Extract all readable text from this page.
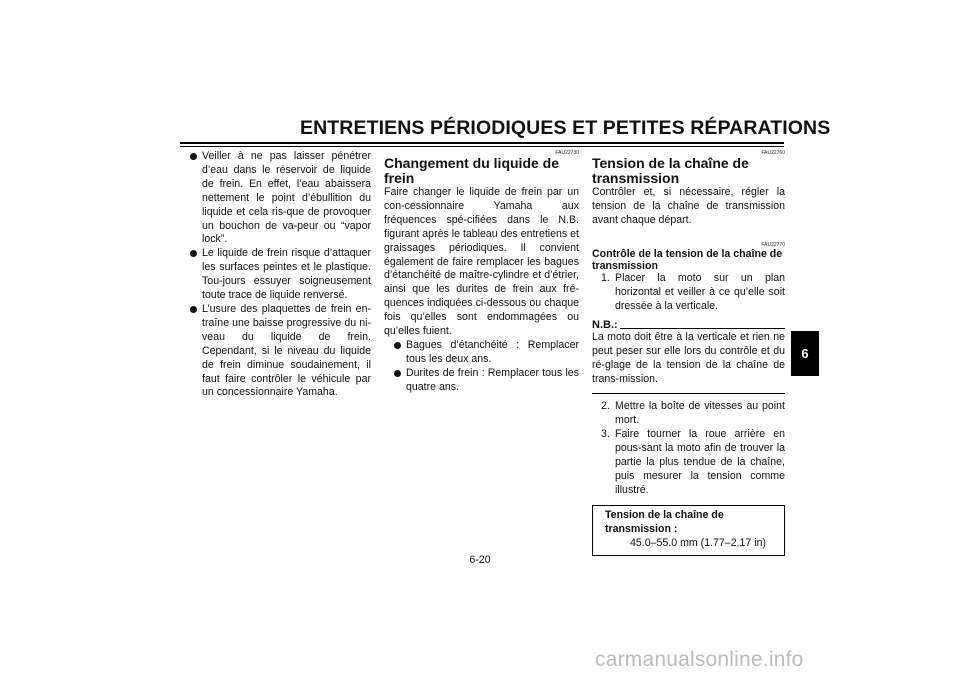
ENTRETIENS PÉRIODIQUES ET PETITES RÉPARATIONS
6
Veiller à ne pas laisser pénétrer d’eau dans le réservoir de liquide de frein. En effet, l’eau abaissera nettement le point d’ébullition du liquide et cela ris-que de provoquer un bouchon de va-peur ou “vapor lock”.
Le liquide de frein risque d’attaquer les surfaces peintes et le plastique. Tou-jours essuyer soigneusement toute trace de liquide renversé.
L’usure des plaquettes de frein en-traîne une baisse progressive du ni-veau du liquide de frein. Cependant, si le niveau du liquide de frein diminue soudainement, il faut faire contrôler le véhicule par un concessionnaire Yamaha.
FAU22730
Changement du liquide de frein

Faire changer le liquide de frein par un con-cessionnaire Yamaha aux fréquences spé-cifiées dans le N.B. figurant après le tableau des entretiens et graissages périodiques. Il convient également de faire remplacer les bagues d’étanchéité de maître-cylindre et d’étrier, ainsi que les durites de frein aux fré-quences indiquées ci-dessous ou chaque fois qu’elles sont endommagées ou qu’elles fuient.

Bagues d’étanchéité : Remplacer tous les deux ans.
Durites de frein : Remplacer tous les quatre ans.
FAU22760
Tension de la chaîne de transmission

Contrôler et, si nécessaire, régler la tension de la chaîne de transmission avant chaque départ.

FAU22770
Contrôle de la tension de la chaîne de transmission
1. Placer la moto sur un plan horizontal et veiller à ce qu’elle soit dressée à la verticale.
N.B.:

La moto doit être à la verticale et rien ne peut peser sur elle lors du contrôle et du ré-glage de la tension de la chaîne de trans-mission.

2. Mettre la boîte de vitesses au point mort.
3. Faire tourner la roue arrière en pous-sant la moto afin de trouver la partie la plus tendue de la chaîne, puis mesurer la tension comme illustré.
Tension de la chaîne de transmission :
45.0–55.0 mm (1.77–2.17 in)
6-20
carmanualsonline.info
